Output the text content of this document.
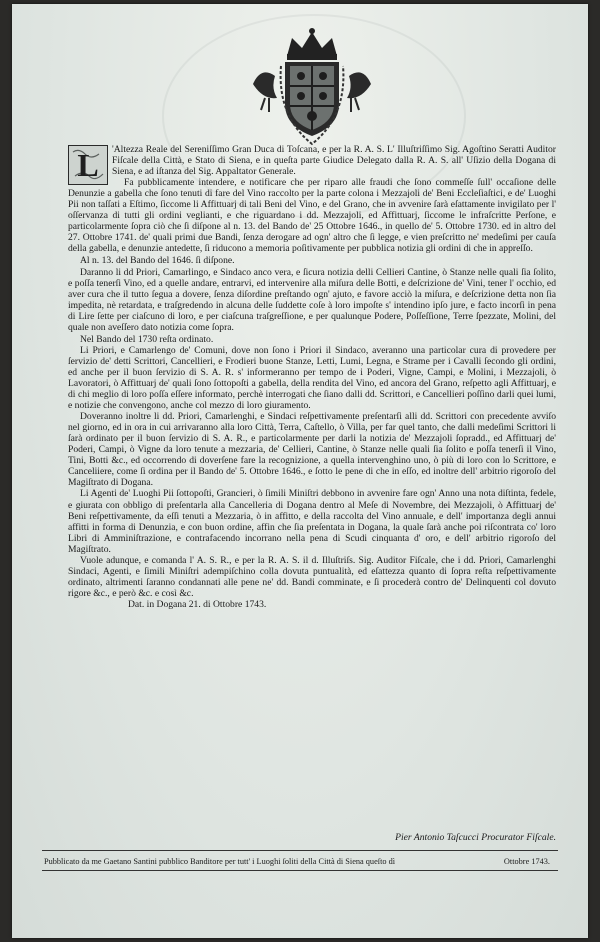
L	'Altezza Reale del Sereniſſimo Gran Duca di Toſcana, e per la R. A. S. L' Illuſtriſſimo Sig. Agoſtino Seratti Auditor Fiſcale della Città, e Stato di Siena, e in queſta parte Giudice Delegato dalla R. A. S. all' Uſizio della Dogana di Siena, e ad iſtanza del Sig. Appaltator Generale.

Fa pubblicamente intendere, e notificare che per riparo alle fraudi che ſono commeſſe ſull' occaſione delle Denunzie a gabella che ſono tenuti di fare del Vino raccolto per la parte colona i Mezzajoli de' Beni Eccleſiaſtici, e de' Luoghi Pii non taſſati a Eſtimo, ſiccome li Affittuarj di tali Beni del Vino, e del Grano, che in avvenire ſarà eſattamente invigilato per l' oſſervanza di tutti gli ordini veglianti, e che riguardano i dd. Mezzajoli, ed Affittuarj, ſiccome le infraſcritte Perſone, e particolarmente ſopra ciò che ſi diſpone al n. 13. del Bando de' 25 Ottobre 1646., in quello de' 5. Ottobre 1730. ed in altro del 27. Ottobre 1741. de' quali primi due Bandi, ſenza derogare ad ogn' altro che ſi legge, e vien preſcritto ne' medeſimi per cauſa della gabella, e denunzie antedette, ſi riducono a memoria poſitivamente per pubblica notizia gli ordini di che in appreſſo.

Al n. 13. del Bando del 1646. ſi diſpone.

Daranno li dd Priori, Camarlingo, e Sindaco anco vera, e ſicura notizia delli Cellieri Cantine, ò Stanze nelle quali ſia ſolito, e poſſa tenerſi Vino, ed a quelle andare, entrarvi, ed intervenire alla miſura delle Botti, e deſcrizione de' Vini, tener l' occhio, ed aver cura che il tutto ſegua a dovere, ſenza diſordine preſtando ogn' ajuto, e favore acciò la miſura, e deſcrizione detta non ſia impedita, nè retardata, e traſgredendo in alcuna delle ſuddette coſe à loro impoſte s' intendino ipſo jure, e facto incorſi in pena di Lire ſette per ciaſcuno di loro, e per ciaſcuna traſgreſſione, e per qualunque Podere, Poſſeſſione, Terre ſpezzate, Molini, del quale non aveſſero dato notizia come ſopra.

Nel Bando del 1730 reſta ordinato.

Li Priori, e Camarlengo de' Comuni, dove non ſono i Priori il Sindaco, averanno una particolar cura di provedere per ſervizio de' detti Scrittori, Cancellieri, e Frodieri buone Stanze, Letti, Lumi, Legna, e Strame per i Cavalli ſecondo gli ordini, ed anche per il buon ſervizio di S. A. R. s' informeranno per tempo de i Poderi, Vigne, Campi, e Molini, i Mezzajoli, ò Lavoratori, ò Affittuarj de' quali ſono ſottopoſti a gabella, della rendita del Vino, ed ancora del Grano, reſpetto agli Affittuarj, e di chi meglio di loro poſſa eſſere informato, perchè interrogati che ſiano dalli dd. Scrittori, e Cancellieri poſſino darli quei lumi, e notizie che convengono, anche col mezzo di loro giuramento.

Doveranno inoltre li dd. Priori, Camarlenghi, e Sindaci reſpettivamente preſentarſi alli dd. Scrittori con precedente avviſo nel giorno, ed in ora in cui arrivaranno alla loro Città, Terra, Caſtello, ò Villa, per far quel tanto, che dalli medeſimi Scrittori li ſarà ordinato per il buon ſervizio di S. A. R., e particolarmente per darli la notizia de' Mezzajoli ſopradd., ed Affittuarj de' Poderi, Campi, ò Vigne da loro tenute a mezzaria, de' Cellieri, Cantine, ò Stanze nelle quali ſia ſolito e poſſa tenerſi il Vino, Tini, Botti &c., ed occorrendo di doverſene fare la recognizione, a quella intervenghino uno, ò più di loro con lo Scrittore, e Canceliiere, come ſi ordina per il Bando de' 5. Ottobre 1646., e ſotto le pene di che in eſſo, ed inoltre dell' arbitrio rigoroſo del Magiſtrato di Dogana.

Li Agenti de' Luoghi Pii ſottopoſti, Grancieri, ò ſimili Miniſtri debbono in avvenire fare ogn' Anno una nota diſtinta, fedele, e giurata con obbligo di preſentarla alla Cancelleria di Dogana dentro al Meſe di Novembre, dei Mezzajoli, ò Affittuarj de' Beni reſpettivamente, da eſſi tenuti a Mezzaria, ò in affitto, e della raccolta del Vino annuale, e dell' importanza degli annui affitti in forma di Denunzia, e con buon ordine, affin che ſia preſentata in Dogana, la quale ſarà anche poi riſcontrata co' loro Libri di Amminiſtrazione, e contrafacendo incorrano nella pena di Scudi cinquanta d' oro, e dell' arbitrio rigoroſo del Magiſtrato.

Vuole adunque, e comanda l' A. S. R., e per la R. A. S. il d. Illuſtriſs. Sig. Auditor Fiſcale, che i dd. Priori, Camarlenghi Sindaci, Agenti, e ſimili Miniſtri adempiſchino colla dovuta puntualità, ed eſattezza quanto di ſopra reſta reſpettivamente ordinato, altrimenti ſaranno condannati alle pene ne' dd. Bandi comminate, e ſi procederà contro de' Delinquenti col dovuto rigore &c., e però &c. e così &c.

Dat. in Dogana 21. di Ottobre 1743.

Pier Antonio Taſcucci Procurator Fiſcale.
Pubblicato da me Gaetano Santini pubblico Banditore per tutt' i Luoghi ſoliti della Città di Siena queſto dì	Ottobre 1743.
